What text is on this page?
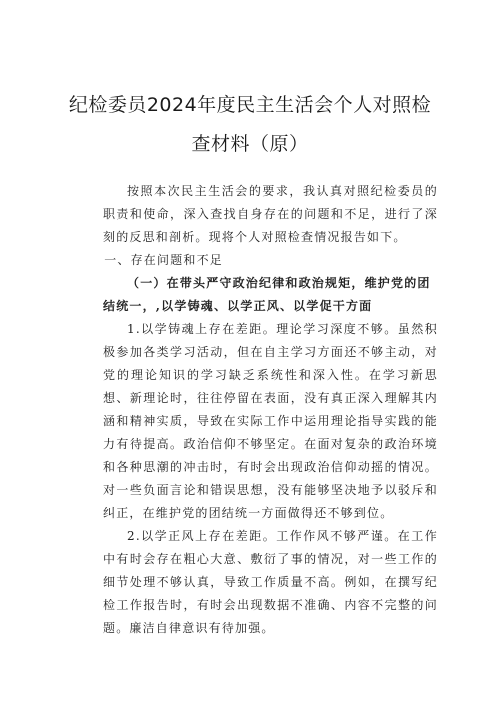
纪检委员2024年度民主生活会个人对照检
查材料（原）

按照本次民主生活会的要求，我认真对照纪检委员的职责和使命，深入查找自身存在的问题和不足，进行了深刻的反思和剖析。现将个人对照检查情况报告如下。

一、存在问题和不足

（一）在带头严守政治纪律和政治规矩，维护党的团结统一，,以学铸魂、以学正风、以学促干方面

1.以学铸魂上存在差距。理论学习深度不够。虽然积极参加各类学习活动，但在自主学习方面还不够主动，对党的理论知识的学习缺乏系统性和深入性。在学习新思想、新理论时，往往停留在表面，没有真正深入理解其内涵和精神实质，导致在实际工作中运用理论指导实践的能力有待提高。政治信仰不够坚定。在面对复杂的政治环境和各种思潮的冲击时，有时会出现政治信仰动摇的情况。对一些负面言论和错误思想，没有能够坚决地予以驳斥和纠正，在维护党的团结统一方面做得还不够到位。

2.以学正风上存在差距。工作作风不够严谨。在工作中有时会存在粗心大意、敷衍了事的情况，对一些工作的细节处理不够认真，导致工作质量不高。例如，在撰写纪检工作报告时，有时会出现数据不准确、内容不完整的问题。廉洁自律意识有待加强。
